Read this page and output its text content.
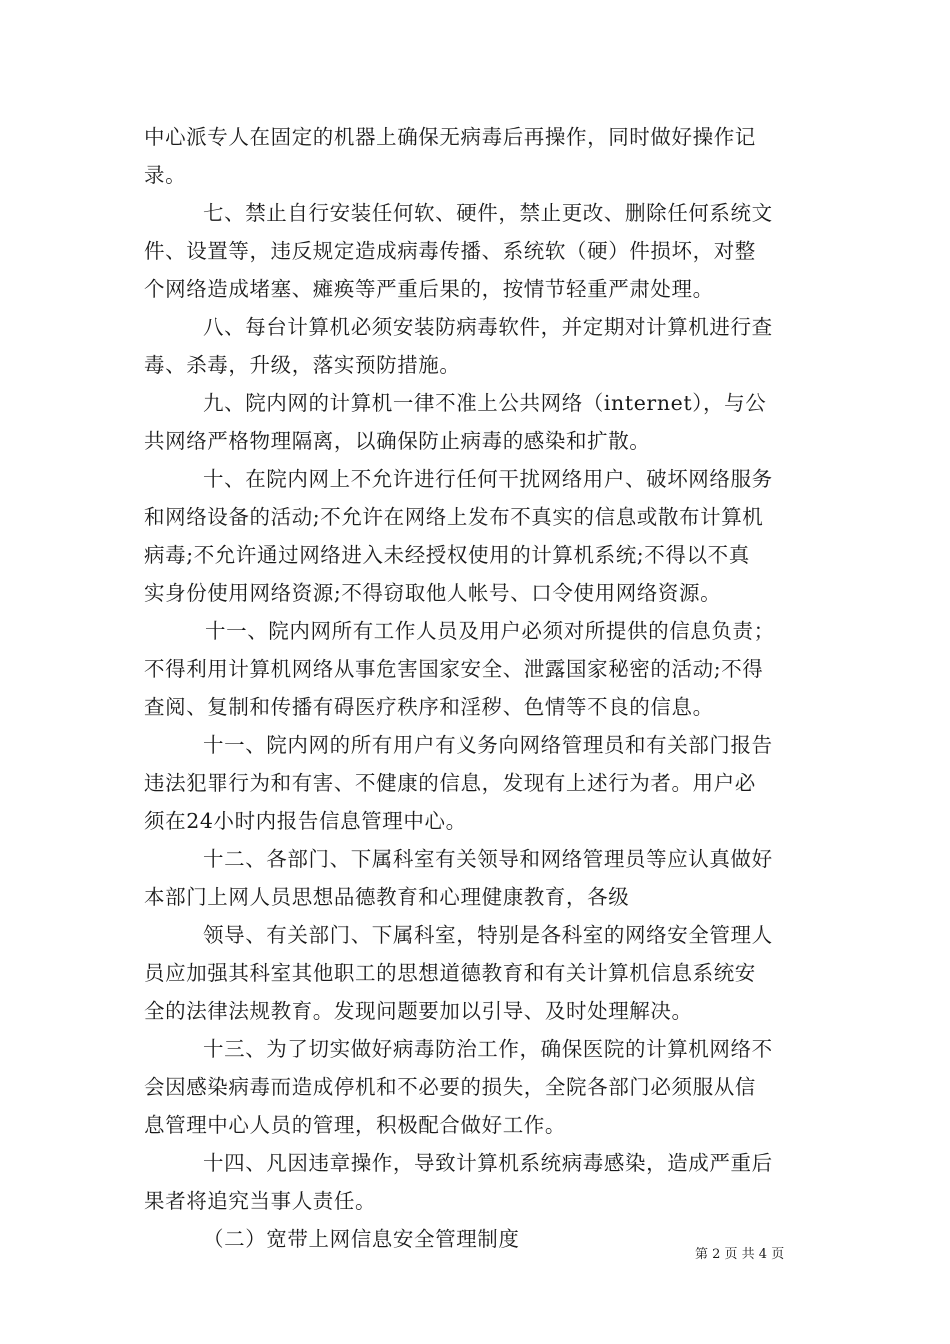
中心派专人在固定的机器上确保无病毒后再操作，同时做好操作记
录。
七、禁止自行安装任何软、硬件，禁止更改、删除任何系统文
件、设置等，违反规定造成病毒传播、系统软（硬）件损坏，对整
个网络造成堵塞、瘫痪等严重后果的，按情节轻重严肃处理。
八、每台计算机必须安装防病毒软件，并定期对计算机进行查
毒、杀毒，升级，落实预防措施。
九、院内网的计算机一律不准上公共网络（internet），与公
共网络严格物理隔离，以确保防止病毒的感染和扩散。
十、在院内网上不允许进行任何干扰网络用户、破坏网络服务
和网络设备的活动;不允许在网络上发布不真实的信息或散布计算机
病毒;不允许通过网络进入未经授权使用的计算机系统;不得以不真
实身份使用网络资源;不得窃取他人帐号、口令使用网络资源。
十一、院内网所有工作人员及用户必须对所提供的信息负责；
不得利用计算机网络从事危害国家安全、泄露国家秘密的活动;不得
查阅、复制和传播有碍医疗秩序和淫秽、色情等不良的信息。
十一、院内网的所有用户有义务向网络管理员和有关部门报告
违法犯罪行为和有害、不健康的信息，发现有上述行为者。用户必
须在24小时内报告信息管理中心。
十二、各部门、下属科室有关领导和网络管理员等应认真做好
本部门上网人员思想品德教育和心理健康教育，各级
领导、有关部门、下属科室，特别是各科室的网络安全管理人
员应加强其科室其他职工的思想道德教育和有关计算机信息系统安
全的法律法规教育。发现问题要加以引导、及时处理解决。
十三、为了切实做好病毒防治工作，确保医院的计算机网络不
会因感染病毒而造成停机和不必要的损失，全院各部门必须服从信
息管理中心人员的管理，积极配合做好工作。
十四、凡因违章操作，导致计算机系统病毒感染，造成严重后
果者将追究当事人责任。
（二）宽带上网信息安全管理制度
第 2 页 共 4 页
